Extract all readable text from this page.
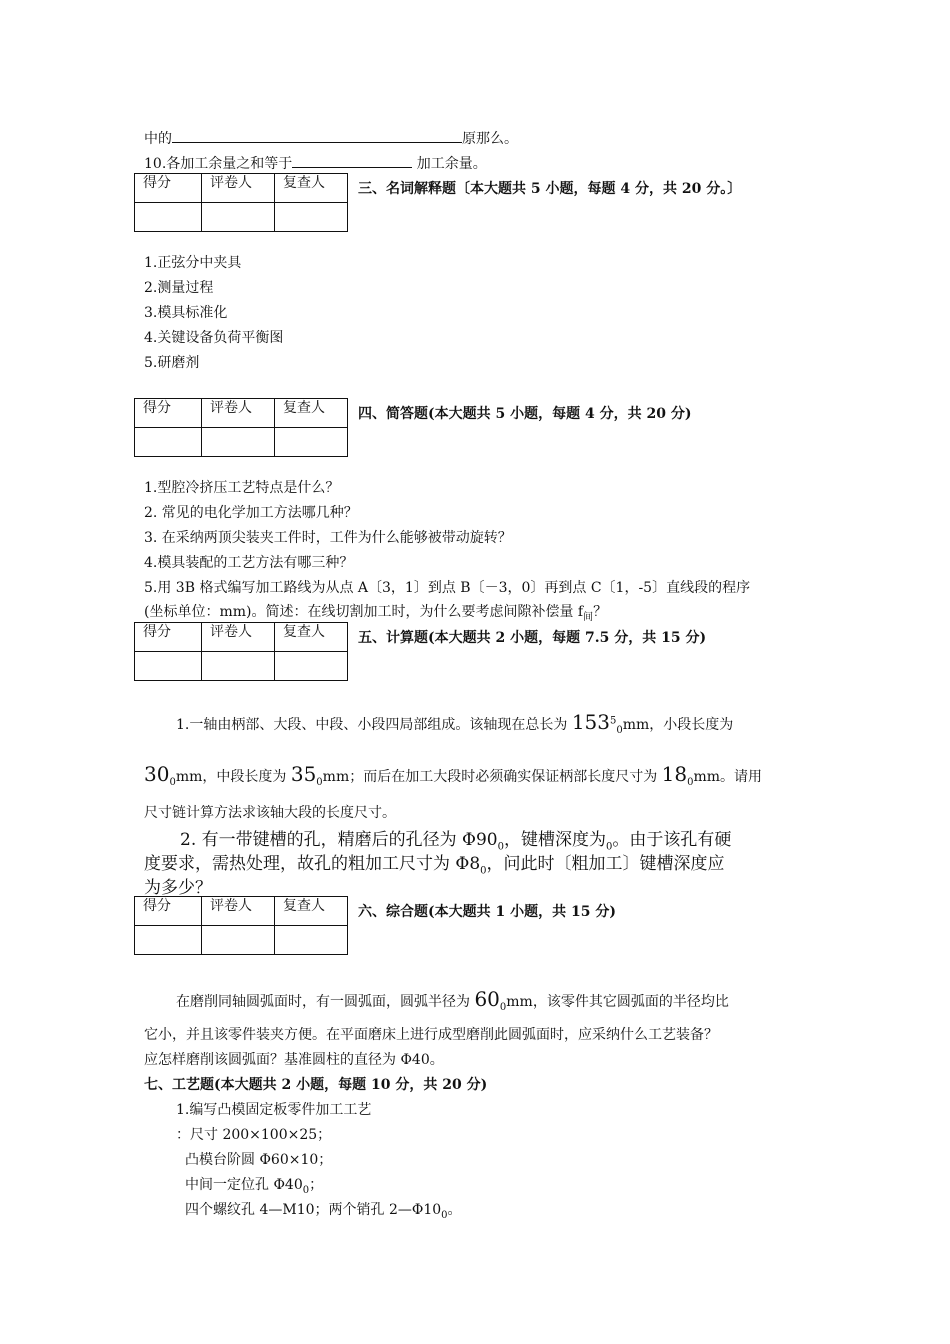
中的	原那么。
10.各加工余量之和等于	加工余量。
得分	评卷人	复查人
		三、名词解释题〔本大题共 5 小题，每题 4 分，共 20 分。〕
1.正弦分中夹具
2.测量过程
3.模具标准化
4.关键设备负荷平衡图
5.研磨剂
得分	评卷人	复查人
		四、简答题(本大题共 5 小题，每题 4 分，共 20 分)
1.型腔冷挤压工艺特点是什么？
2. 常见的电化学加工方法哪几种？
3. 在采纳两顶尖装夹工件时，工件为什么能够被带动旋转？
4.模具装配的工艺方法有哪三种？
5.用 3B 格式编写加工路线为从点 A〔3，1〕到点 B〔－3，0〕再到点 C〔1，-5〕直线段的程序
(坐标单位：mm)。简述：在线切割加工时，为什么要考虑间隙补偿量 $f_间$？
得分	评卷人	复查人
		五、计算题(本大题共 2 小题，每题 7.5 分，共 15 分)
1.一轴由柄部、大段、中段、小段四局部组成。该轴现在总长为 $153^5_0mm$，小段长度为
$30_0mm$，中段长度为 $35_0mm$；而后在加工大段时必须确实保证柄部长度尺寸为 $18_0mm$。请用
尺寸链计算方法求该轴大段的长度尺寸。
2. 有一带键槽的孔，精磨后的孔径为 $\Phi 90_0$，键槽深度为$_0$。由于该孔有硬
度要求，需热处理，故孔的粗加工尺寸为 $\Phi 8_0$，问此时〔粗加工〕键槽深度应
为多少？
得分	评卷人	复查人
		六、综合题(本大题共 1 小题，共 15 分)
在磨削同轴圆弧面时，有一圆弧面，圆弧半径为 $60_0mm$，该零件其它圆弧面的半径均比
它小，并且该零件装夹方便。在平面磨床上进行成型磨削此圆弧面时，应采纳什么工艺装备？
应怎样磨削该圆弧面？基准圆柱的直径为 Φ40。
七、工艺题(本大题共 2 小题，每题 10 分，共 20 分)
1.编写凸模固定板零件加工工艺
：尺寸 200×100×25；
凸模台阶圆 Φ60×10；
中间一定位孔 $\Phi 40_0$；
四个螺纹孔 4—M10；两个销孔 $2—\Phi 10_0$。
